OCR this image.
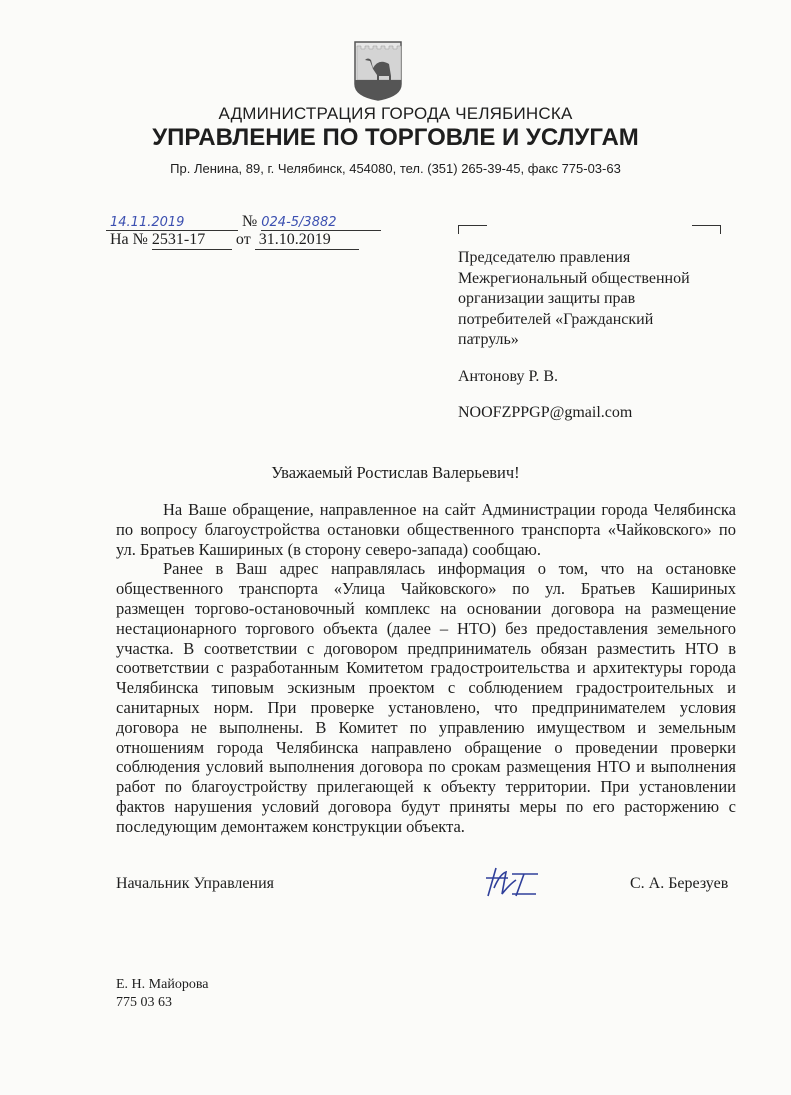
АДМИНИСТРАЦИЯ ГОРОДА ЧЕЛЯБИНСКА
УПРАВЛЕНИЕ ПО ТОРГОВЛЕ И УСЛУГАМ
Пр. Ленина, 89, г. Челябинск, 454080, тел. (351) 265-39-45, факс 775-03-63
14.11.2019	№ 024-5/3882
На № 2531-17 от 31.10.2019
Председателю правления
Межрегиональный общественной
организации защиты прав
потребителей «Гражданский
патруль»
Антонову Р. В.
NOOFZPPGP@gmail.com
Уважаемый Ростислав Валерьевич!
На Ваше обращение, направленное на сайт Администрации города Челябинска
по вопросу благоустройства остановки общественного транспорта «Чайковского» по
ул. Братьев Кашириных (в сторону северо-запада) сообщаю.
Ранее в Ваш адрес направлялась информация о том, что на остановке
общественного транспорта «Улица Чайковского» по ул. Братьев Кашириных
размещен торгово-остановочный комплекс на основании договора на размещение
нестационарного торгового объекта (далее – НТО) без предоставления земельного
участка. В соответствии с договором предприниматель обязан разместить НТО в
соответствии с разработанным Комитетом градостроительства и архитектуры города
Челябинска типовым эскизным проектом с соблюдением градостроительных и
санитарных норм. При проверке установлено, что предпринимателем условия
договора не выполнены. В Комитет по управлению имуществом и земельным
отношениям города Челябинска направлено обращение о проведении проверки
соблюдения условий выполнения договора по срокам размещения НТО и выполнения
работ по благоустройству прилегающей к объекту территории. При установлении
фактов нарушения условий договора будут приняты меры по его расторжению с
последующим демонтажем конструкции объекта.
Начальник Управления	С. А. Березуев
Е. Н. Майорова
775 03 63
